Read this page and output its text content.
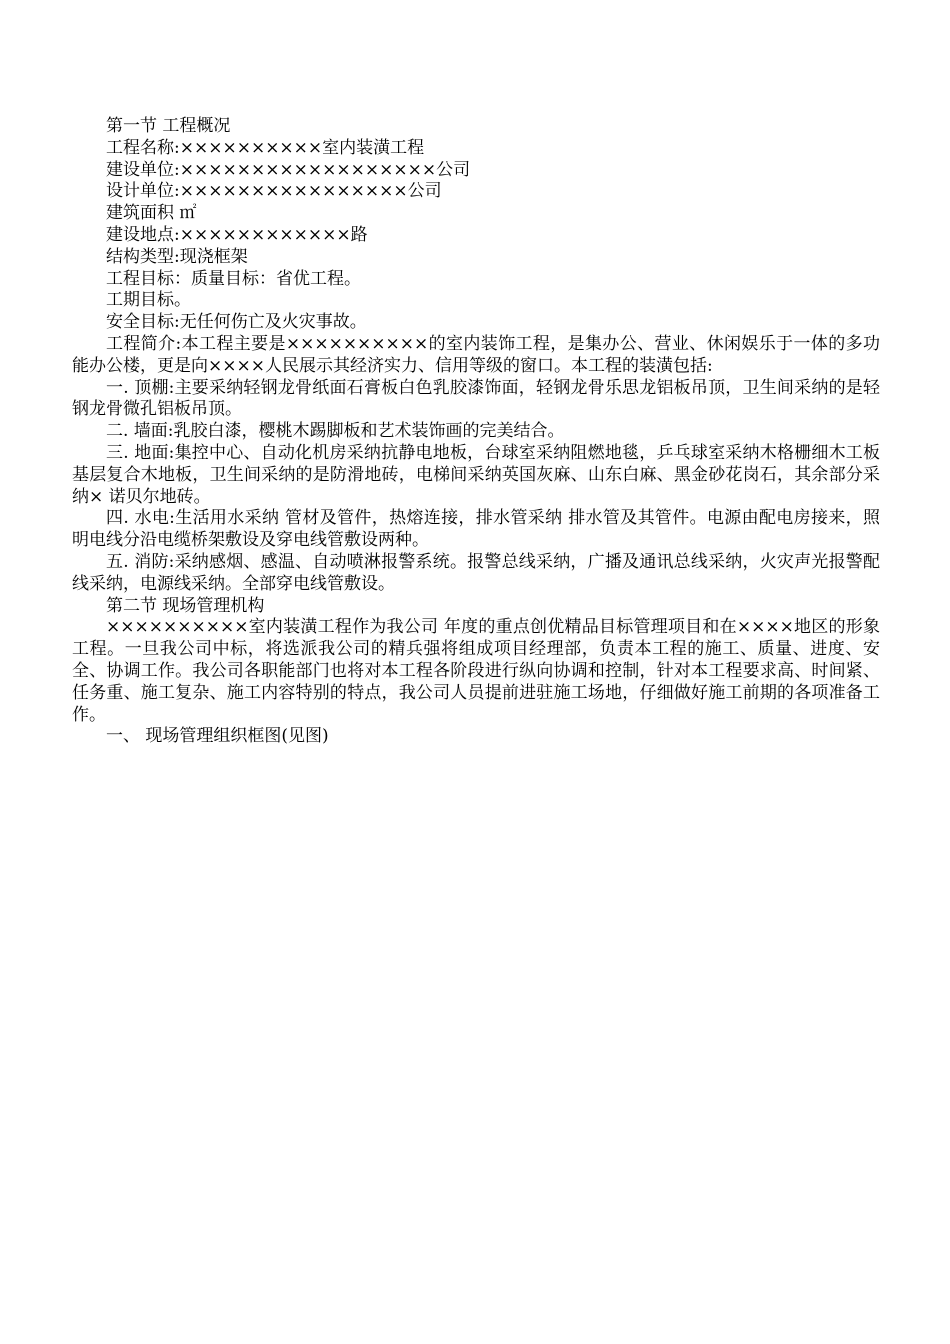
第一节 工程概况

工程名称:××××××××××室内装潢工程

建设单位:××××××××××××××××××公司

设计单位:××××××××××××××××公司

建筑面积 ㎡

建设地点:××××××××××××路

结构类型:现浇框架

工程目标：质量目标：省优工程。

工期目标。

安全目标:无任何伤亡及火灾事故。

工程简介:本工程主要是××××××××××的室内装饰工程，是集办公、营业、休闲娱乐于一体的多功能办公楼，更是向××××人民展示其经济实力、信用等级的窗口。本工程的装潢包括:

一. 顶棚:主要采纳轻钢龙骨纸面石膏板白色乳胶漆饰面，轻钢龙骨乐思龙铝板吊顶，卫生间采纳的是轻钢龙骨微孔铝板吊顶。

二. 墙面:乳胶白漆，樱桃木踢脚板和艺术装饰画的完美结合。

三. 地面:集控中心、自动化机房采纳抗静电地板，台球室采纳阻燃地毯，乒乓球室采纳木格栅细木工板基层复合木地板，卫生间采纳的是防滑地砖，电梯间采纳英国灰麻、山东白麻、黑金砂花岗石，其余部分采纳× 诺贝尔地砖。

四. 水电:生活用水采纳 管材及管件，热熔连接，排水管采纳 排水管及其管件。电源由配电房接来，照明电线分沿电缆桥架敷设及穿电线管敷设两种。

五. 消防:采纳感烟、感温、自动喷淋报警系统。报警总线采纳，广播及通讯总线采纳，火灾声光报警配线采纳，电源线采纳。全部穿电线管敷设。

第二节 现场管理机构

××××××××××室内装潢工程作为我公司 年度的重点创优精品目标管理项目和在××××地区的形象工程。一旦我公司中标，将选派我公司的精兵强将组成项目经理部，负责本工程的施工、质量、进度、安全、协调工作。我公司各职能部门也将对本工程各阶段进行纵向协调和控制，针对本工程要求高、时间紧、任务重、施工复杂、施工内容特别的特点，我公司人员提前进驻施工场地，仔细做好施工前期的各项准备工作。

一、 现场管理组织框图(见图)
